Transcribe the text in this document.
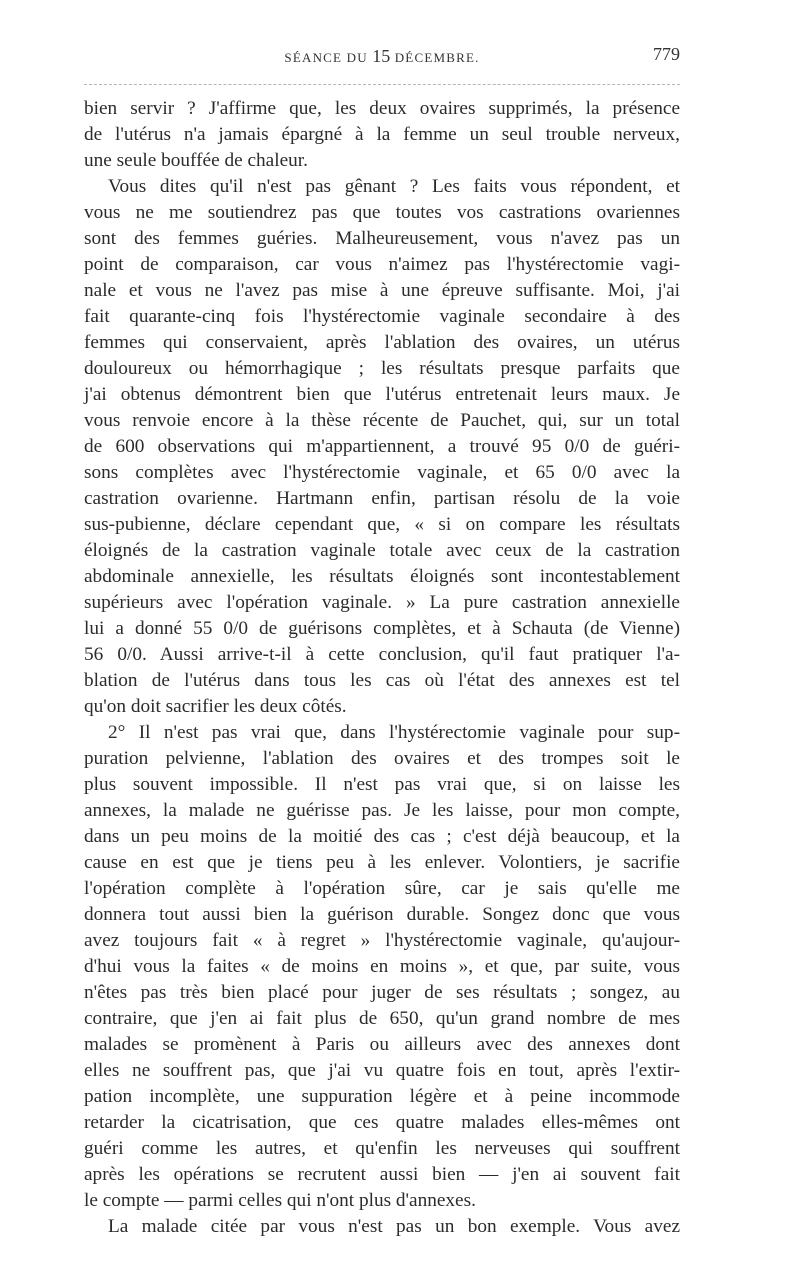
SÉANCE DU 15 DÉCEMBRE.	779
bien servir ? J'affirme que, les deux ovaires supprimés, la présence
de l'utérus n'a jamais épargné à la femme un seul trouble nerveux,
une seule bouffée de chaleur.
Vous dites qu'il n'est pas gênant ? Les faits vous répondent, et
vous ne me soutiendrez pas que toutes vos castrations ovariennes
sont des femmes guéries. Malheureusement, vous n'avez pas un
point de comparaison, car vous n'aimez pas l'hystérectomie vagi-
nale et vous ne l'avez pas mise à une épreuve suffisante. Moi, j'ai
fait quarante-cinq fois l'hystérectomie vaginale secondaire à des
femmes qui conservaient, après l'ablation des ovaires, un utérus
douloureux ou hémorrhagique ; les résultats presque parfaits que
j'ai obtenus démontrent bien que l'utérus entretenait leurs maux. Je
vous renvoie encore à la thèse récente de Pauchet, qui, sur un total
de 600 observations qui m'appartiennent, a trouvé 95 0/0 de guéri-
sons complètes avec l'hystérectomie vaginale, et 65 0/0 avec la
castration ovarienne. Hartmann enfin, partisan résolu de la voie
sus-pubienne, déclare cependant que, « si on compare les résultats
éloignés de la castration vaginale totale avec ceux de la castration
abdominale annexielle, les résultats éloignés sont incontestablement
supérieurs avec l'opération vaginale. » La pure castration annexielle
lui a donné 55 0/0 de guérisons complètes, et à Schauta (de Vienne)
56 0/0. Aussi arrive-t-il à cette conclusion, qu'il faut pratiquer l'a-
blation de l'utérus dans tous les cas où l'état des annexes est tel
qu'on doit sacrifier les deux côtés.
2° Il n'est pas vrai que, dans l'hystérectomie vaginale pour sup-
puration pelvienne, l'ablation des ovaires et des trompes soit le
plus souvent impossible. Il n'est pas vrai que, si on laisse les
annexes, la malade ne guérisse pas. Je les laisse, pour mon compte,
dans un peu moins de la moitié des cas ; c'est déjà beaucoup, et la
cause en est que je tiens peu à les enlever. Volontiers, je sacrifie
l'opération complète à l'opération sûre, car je sais qu'elle me
donnera tout aussi bien la guérison durable. Songez donc que vous
avez toujours fait « à regret » l'hystérectomie vaginale, qu'aujour-
d'hui vous la faites « de moins en moins », et que, par suite, vous
n'êtes pas très bien placé pour juger de ses résultats ; songez, au
contraire, que j'en ai fait plus de 650, qu'un grand nombre de mes
malades se promènent à Paris ou ailleurs avec des annexes dont
elles ne souffrent pas, que j'ai vu quatre fois en tout, après l'extir-
pation incomplète, une suppuration légère et à peine incommode
retarder la cicatrisation, que ces quatre malades elles-mêmes ont
guéri comme les autres, et qu'enfin les nerveuses qui souffrent
après les opérations se recrutent aussi bien — j'en ai souvent fait
le compte — parmi celles qui n'ont plus d'annexes.
La malade citée par vous n'est pas un bon exemple. Vous avez
